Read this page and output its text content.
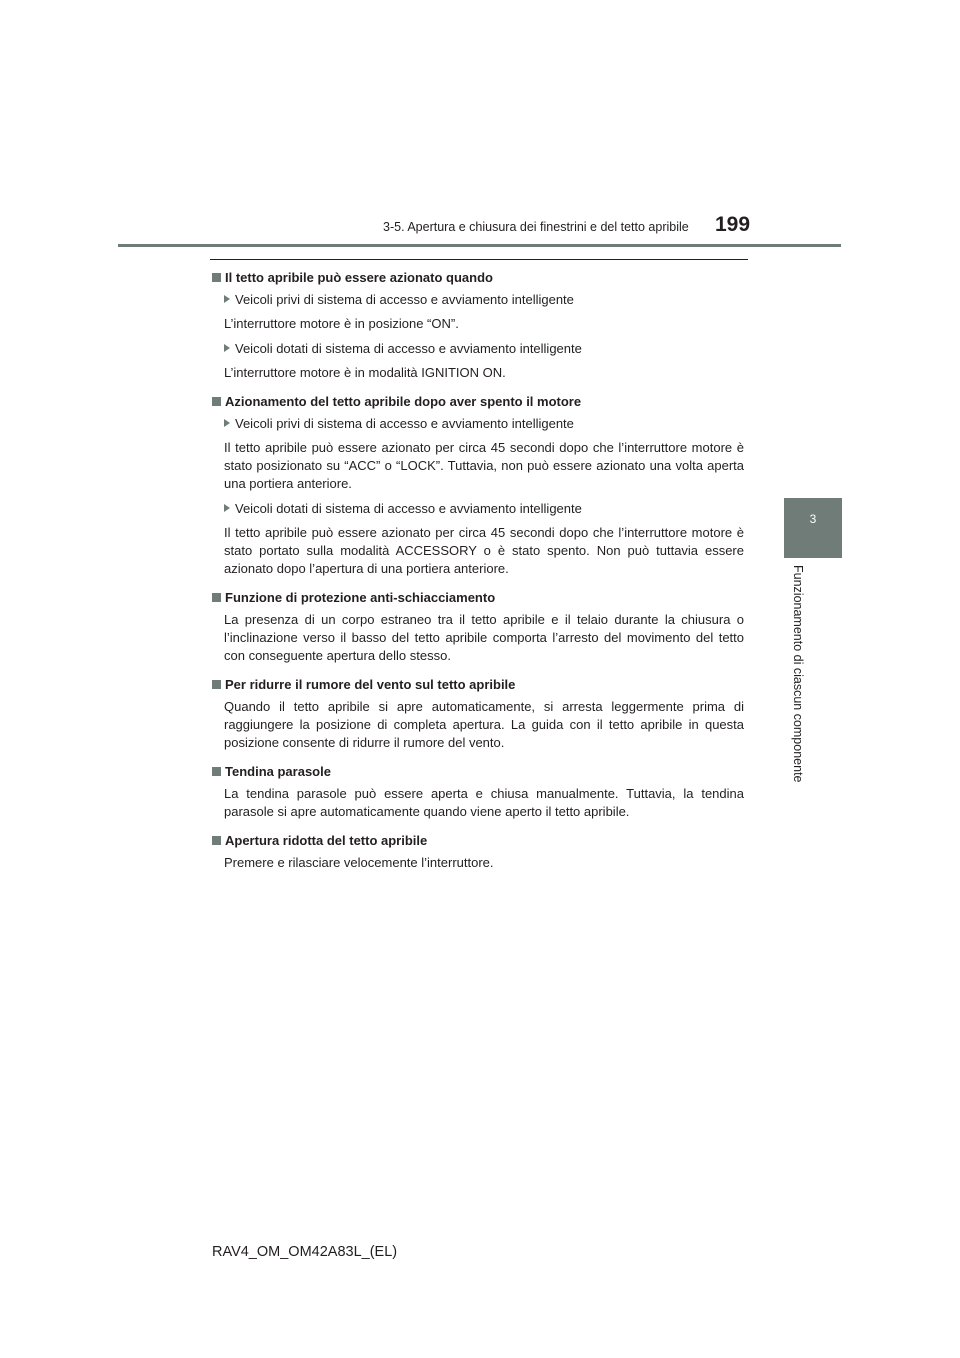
3-5. Apertura e chiusura dei finestrini e del tetto apribile 199
3
Funzionamento di ciascun componente
Il tetto apribile può essere azionato quando
Veicoli privi di sistema di accesso e avviamento intelligente

L’interruttore motore è in posizione “ON”.

Veicoli dotati di sistema di accesso e avviamento intelligente

L’interruttore motore è in modalità IGNITION ON.

Azionamento del tetto apribile dopo aver spento il motore
Veicoli privi di sistema di accesso e avviamento intelligente

Il tetto apribile può essere azionato per circa 45 secondi dopo che l’interruttore motore è stato posizionato su “ACC” o “LOCK”. Tuttavia, non può essere azionato una volta aperta una portiera anteriore.

Veicoli dotati di sistema di accesso e avviamento intelligente

Il tetto apribile può essere azionato per circa 45 secondi dopo che l’interruttore motore è stato portato sulla modalità ACCESSORY o è stato spento. Non può tuttavia essere azionato dopo l’apertura di una portiera anteriore.

Funzione di protezione anti-schiacciamento

La presenza di un corpo estraneo tra il tetto apribile e il telaio durante la chiusura o l’inclinazione verso il basso del tetto apribile comporta l’arresto del movimento del tetto con conseguente apertura dello stesso.

Per ridurre il rumore del vento sul tetto apribile

Quando il tetto apribile si apre automaticamente, si arresta leggermente prima di raggiungere la posizione di completa apertura. La guida con il tetto apribile in questa posizione consente di ridurre il rumore del vento.

Tendina parasole

La tendina parasole può essere aperta e chiusa manualmente. Tuttavia, la tendina parasole si apre automaticamente quando viene aperto il tetto apribile.

Apertura ridotta del tetto apribile

Premere e rilasciare velocemente l’interruttore.

RAV4_OM_OM42A83L_(EL)
